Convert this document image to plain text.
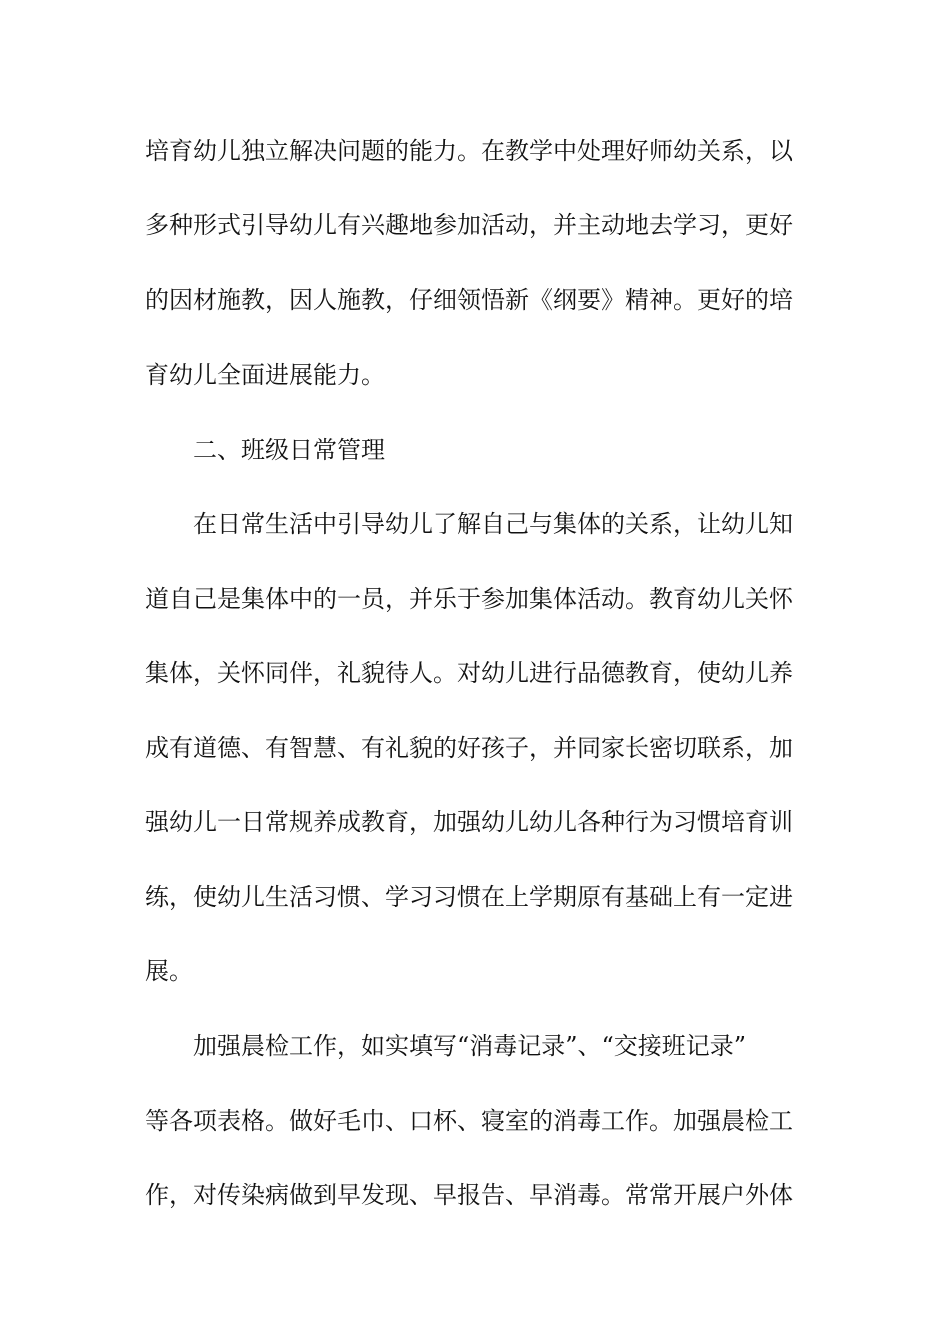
培育幼儿独立解决问题的能力。在教学中处理好师幼关系，以
多种形式引导幼儿有兴趣地参加活动，并主动地去学习，更好
的因材施教，因人施教，仔细领悟新《纲要》精神。更好的培
育幼儿全面进展能力。
二、班级日常管理
在日常生活中引导幼儿了解自己与集体的关系，让幼儿知
道自己是集体中的一员，并乐于参加集体活动。教育幼儿关怀
集体，关怀同伴，礼貌待人。对幼儿进行品德教育，使幼儿养
成有道德、有智慧、有礼貌的好孩子，并同家长密切联系，加
强幼儿一日常规养成教育，加强幼儿幼儿各种行为习惯培育训
练，使幼儿生活习惯、学习习惯在上学期原有基础上有一定进
展。
加强晨检工作，如实填写“消毒记录”、“交接班记录”
等各项表格。做好毛巾、口杯、寝室的消毒工作。加强晨检工
作，对传染病做到早发现、早报告、早消毒。常常开展户外体
